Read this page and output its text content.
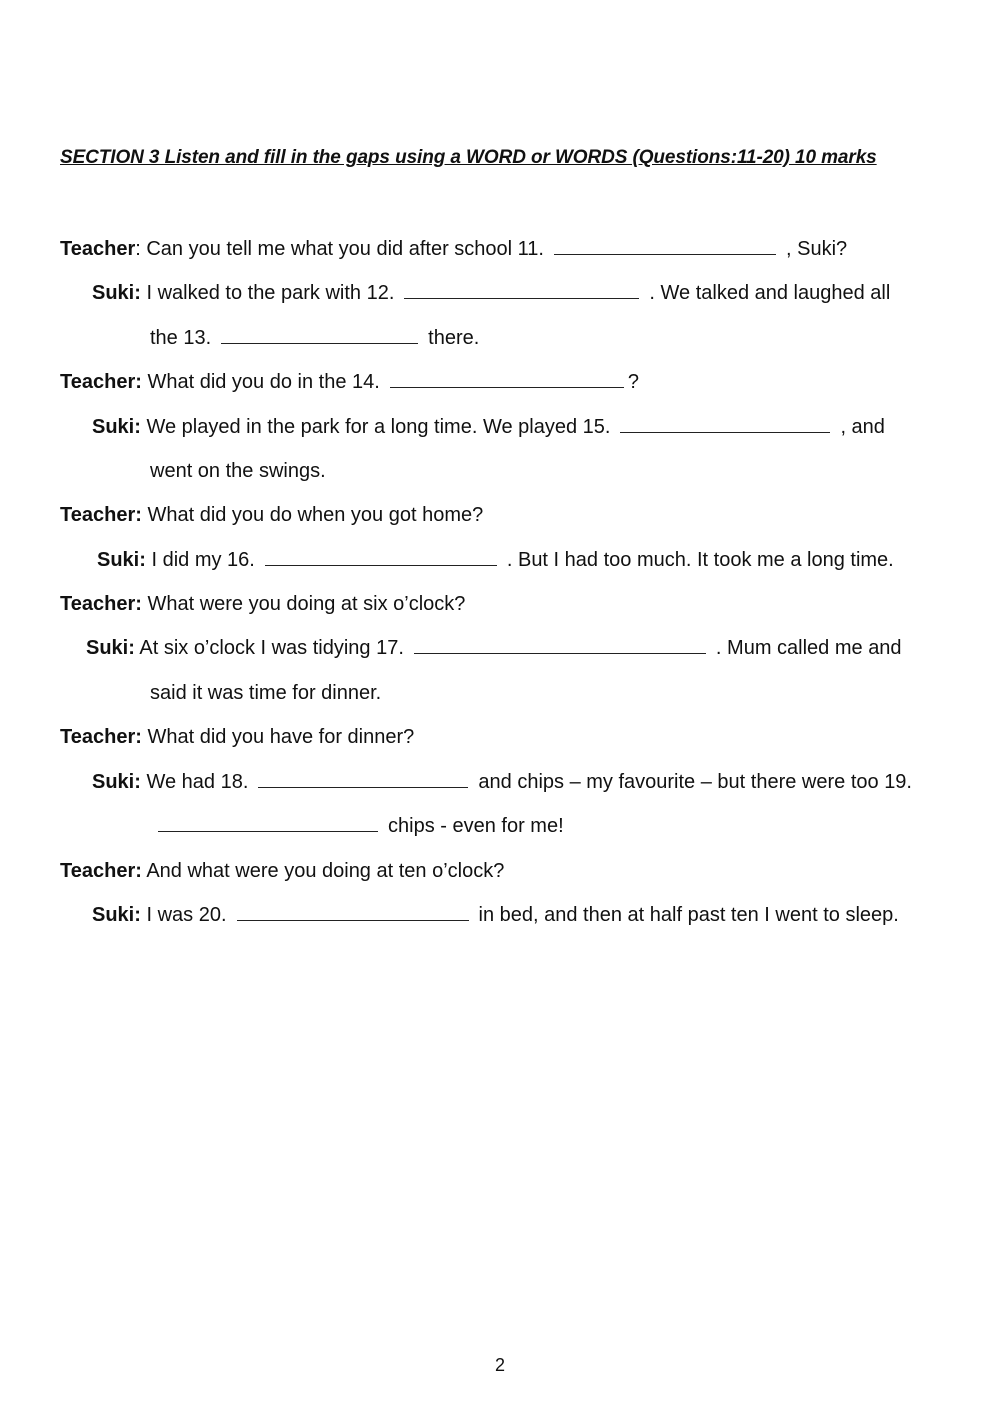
SECTION 3 Listen and fill in the gaps using a WORD or WORDS (Questions:11-20) 10 marks
Teacher: Can you tell me what you did after school 11.	, Suki?
Suki: I walked to the park with 12.	. We talked and laughed all
the 13.	there.
Teacher: What did you do in the 14.	?
Suki: We played in the park for a long time. We played 15.	, and
went on the swings.
Teacher: What did you do when you got home?
Suki: I did my 16.	. But I had too much. It took me a long time.
Teacher: What were you doing at six o’clock?
Suki: At six o’clock I was tidying 17.	. Mum called me and
said it was time for dinner.
Teacher: What did you have for dinner?
Suki: We had 18.	and chips – my favourite – but there were too 19.
chips - even for me!
Teacher: And what were you doing at ten o’clock?
Suki: I was 20.	in bed, and then at half past ten I went to sleep.
2
